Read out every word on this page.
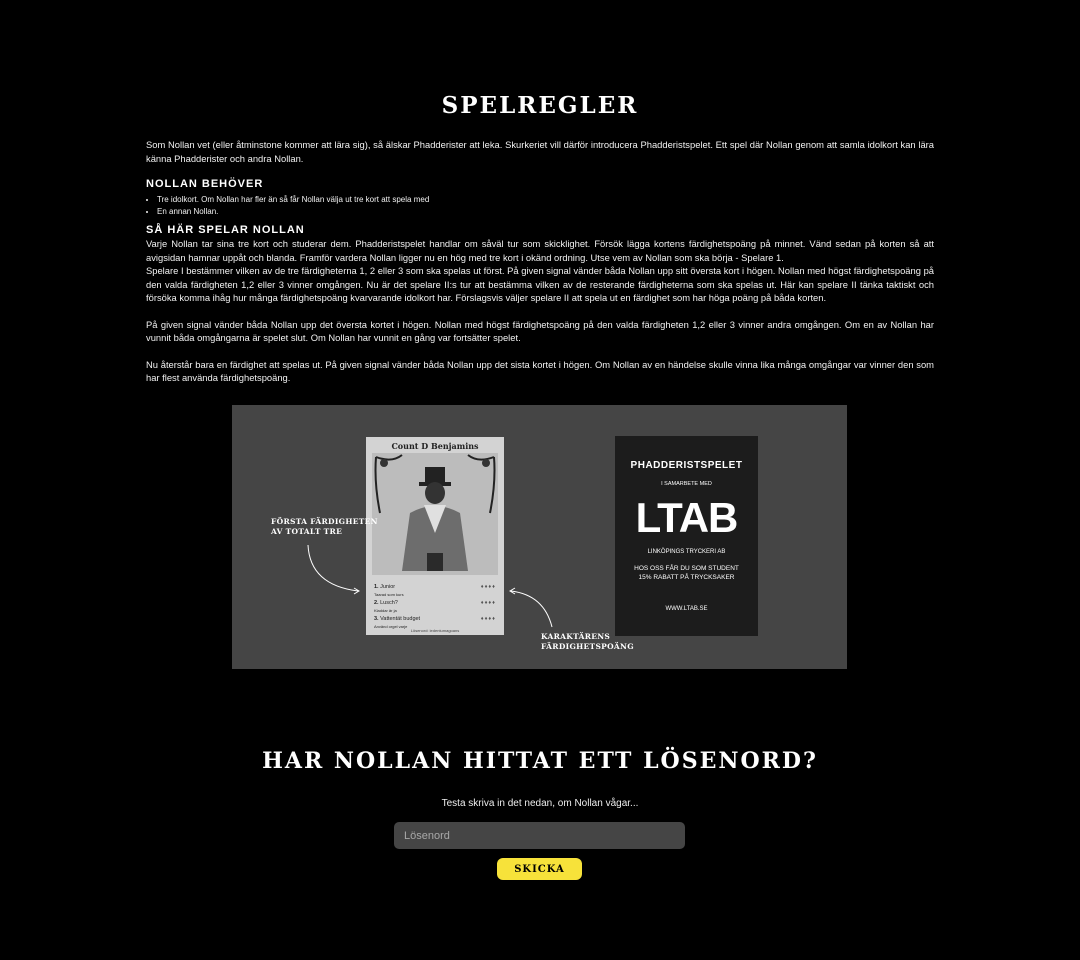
SPELREGLER

Som Nollan vet (eller åtminstone kommer att lära sig), så älskar Phadderister att leka. Skurkeriet vill därför introducera Phadderistspelet. Ett spel där Nollan genom att samla idolkort kan lära känna Phadderister och andra Nollan.

NOLLAN BEHÖVER
• Tre idolkort. Om Nollan har fler än så får Nollan välja ut tre kort att spela med
• En annan Nollan.
SÅ HÄR SPELAR NOLLAN

Varje Nollan tar sina tre kort och studerar dem. Phadderistspelet handlar om såväl tur som skicklighet. Försök lägga kortens färdighetspoäng på minnet. Vänd sedan på korten så att avigsidan hamnar uppåt och blanda. Framför vardera Nollan ligger nu en hög med tre kort i okänd ordning. Utse vem av Nollan som ska börja - Spelare 1.

Spelare I bestämmer vilken av de tre färdigheterna 1, 2 eller 3 som ska spelas ut först. På given signal vänder båda Nollan upp sitt översta kort i högen. Nollan med högst färdighetspoäng på den valda färdigheten 1,2 eller 3 vinner omgången. Nu är det spelare II:s tur att bestämma vilken av de resterande färdigheterna som ska spelas ut. Här kan spelare II tänka taktiskt och försöka komma ihåg hur många färdighetspoäng kvarvarande idolkort har. Förslagsvis väljer spelare II att spela ut en färdighet som har höga poäng på båda korten.

På given signal vänder båda Nollan upp det översta kortet i högen. Nollan med högst färdighetspoäng på den valda färdigheten 1,2 eller 3 vinner andra omgången. Om en av Nollan har vunnit båda omgångarna är spelet slut. Om Nollan har vunnit en gång var fortsätter spelet.

Nu återstår bara en färdighet att spelas ut. På given signal vänder båda Nollan upp det sista kortet i högen. Om Nollan av en händelse skulle vinna lika många omgångar var vinner den som har flest använda färdighetspoäng.

Count D Benjamins
1. Junior
Taarad som kurs
♦♦♦♦
2. Lusch?
Kladdar är ja
♦♦♦♦
3. Vattentät budget
Använd orgel varje
♦♦♦♦
Lösenord: iedentumagoans
FÖRSTA FÄRDIGHETEN
AV TOTALT TRE
KARAKTÄRENS
FÄRDIGHETSPOÄNG
PHADDERISTSPELET
I SAMARBETE MED
LTAB
LINKÖPINGS TRYCKERI AB
HOS OSS FÅR DU SOM STUDENT
15% RABATT PÅ TRYCKSAKER
WWW.LTAB.SE
HAR NOLLAN HITTAT ETT LÖSENORD?
Testa skriva in det nedan, om Nollan vågar...
Lösenord
SKICKA
